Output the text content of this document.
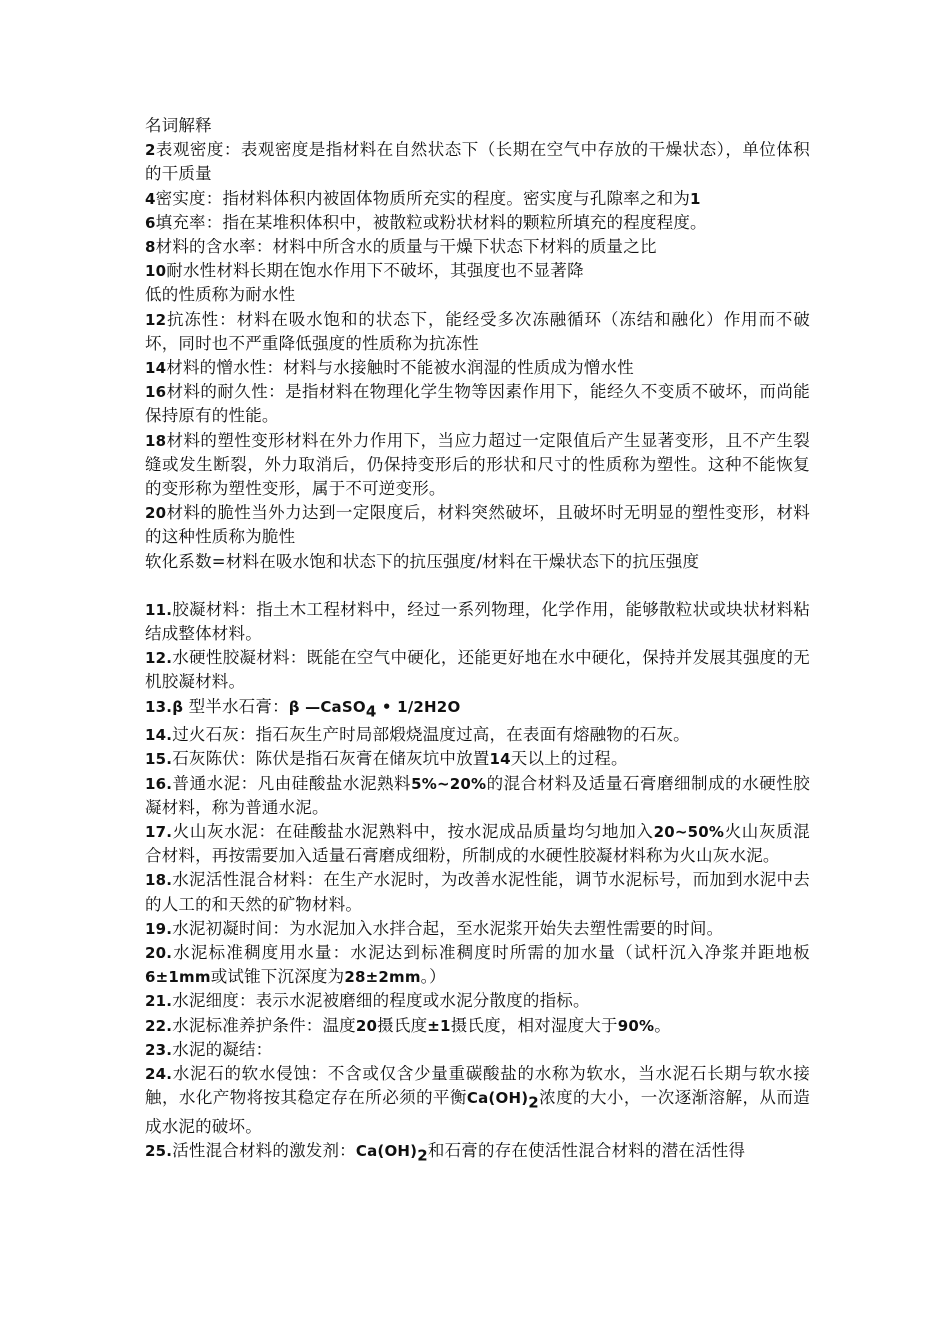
名词解释

2表观密度：表观密度是指材料在自然状态下（长期在空气中存放的干燥状态），单位体积的干质量

4密实度：指材料体积内被固体物质所充实的程度。密实度与孔隙率之和为1

6填充率：指在某堆积体积中，被散粒或粉状材料的颗粒所填充的程度程度。

8材料的含水率：材料中所含水的质量与干燥下状态下材料的质量之比

10耐水性材料长期在饱水作用下不破坏，其强度也不显著降

低的性质称为耐水性

12抗冻性：材料在吸水饱和的状态下，能经受多次冻融循环（冻结和融化）作用而不破坏，同时也不严重降低强度的性质称为抗冻性

14材料的憎水性：材料与水接触时不能被水润湿的性质成为憎水性

16材料的耐久性：是指材料在物理化学生物等因素作用下，能经久不变质不破坏，而尚能保持原有的性能。

18材料的塑性变形材料在外力作用下，当应力超过一定限值后产生显著变形，且不产生裂缝或发生断裂，外力取消后，仍保持变形后的形状和尺寸的性质称为塑性。这种不能恢复的变形称为塑性变形，属于不可逆变形。

20材料的脆性当外力达到一定限度后，材料突然破坏，且破坏时无明显的塑性变形，材料的这种性质称为脆性

软化系数=材料在吸水饱和状态下的抗压强度/材料在干燥状态下的抗压强度

11.胶凝材料：指土木工程材料中，经过一系列物理，化学作用，能够散粒状或块状材料粘结成整体材料。

12.水硬性胶凝材料：既能在空气中硬化，还能更好地在水中硬化，保持并发展其强度的无机胶凝材料。

13.β 型半水石膏：β —CaSO$_4$ • 1/2H2O

14.过火石灰：指石灰生产时局部煅烧温度过高，在表面有熔融物的石灰。

15.石灰陈伏：陈伏是指石灰膏在储灰坑中放置14天以上的过程。

16.普通水泥：凡由硅酸盐水泥熟料5%~20%的混合材料及适量石膏磨细制成的水硬性胶凝材料，称为普通水泥。

17.火山灰水泥：在硅酸盐水泥熟料中，按水泥成品质量均匀地加入20~50%火山灰质混合材料，再按需要加入适量石膏磨成细粉，所制成的水硬性胶凝材料称为火山灰水泥。

18.水泥活性混合材料：在生产水泥时，为改善水泥性能，调节水泥标号，而加到水泥中去的人工的和天然的矿物材料。

19.水泥初凝时间：为水泥加入水拌合起，至水泥浆开始失去塑性需要的时间。

20.水泥标准稠度用水量：水泥达到标准稠度时所需的加水量（试杆沉入净浆并距地板6±1mm或试锥下沉深度为28±2mm。）

21.水泥细度：表示水泥被磨细的程度或水泥分散度的指标。

22.水泥标准养护条件：温度20摄氏度±1摄氏度，相对湿度大于90%。

23.水泥的凝结：

24.水泥石的软水侵蚀：不含或仅含少量重碳酸盐的水称为软水，当水泥石长期与软水接触，水化产物将按其稳定存在所必须的平衡$Ca(OH)_2$浓度的大小，一次逐渐溶解，从而造成水泥的破坏。

25.活性混合材料的激发剂：$Ca(OH)_2$和石膏的存在使活性混合材料的潜在活性得
